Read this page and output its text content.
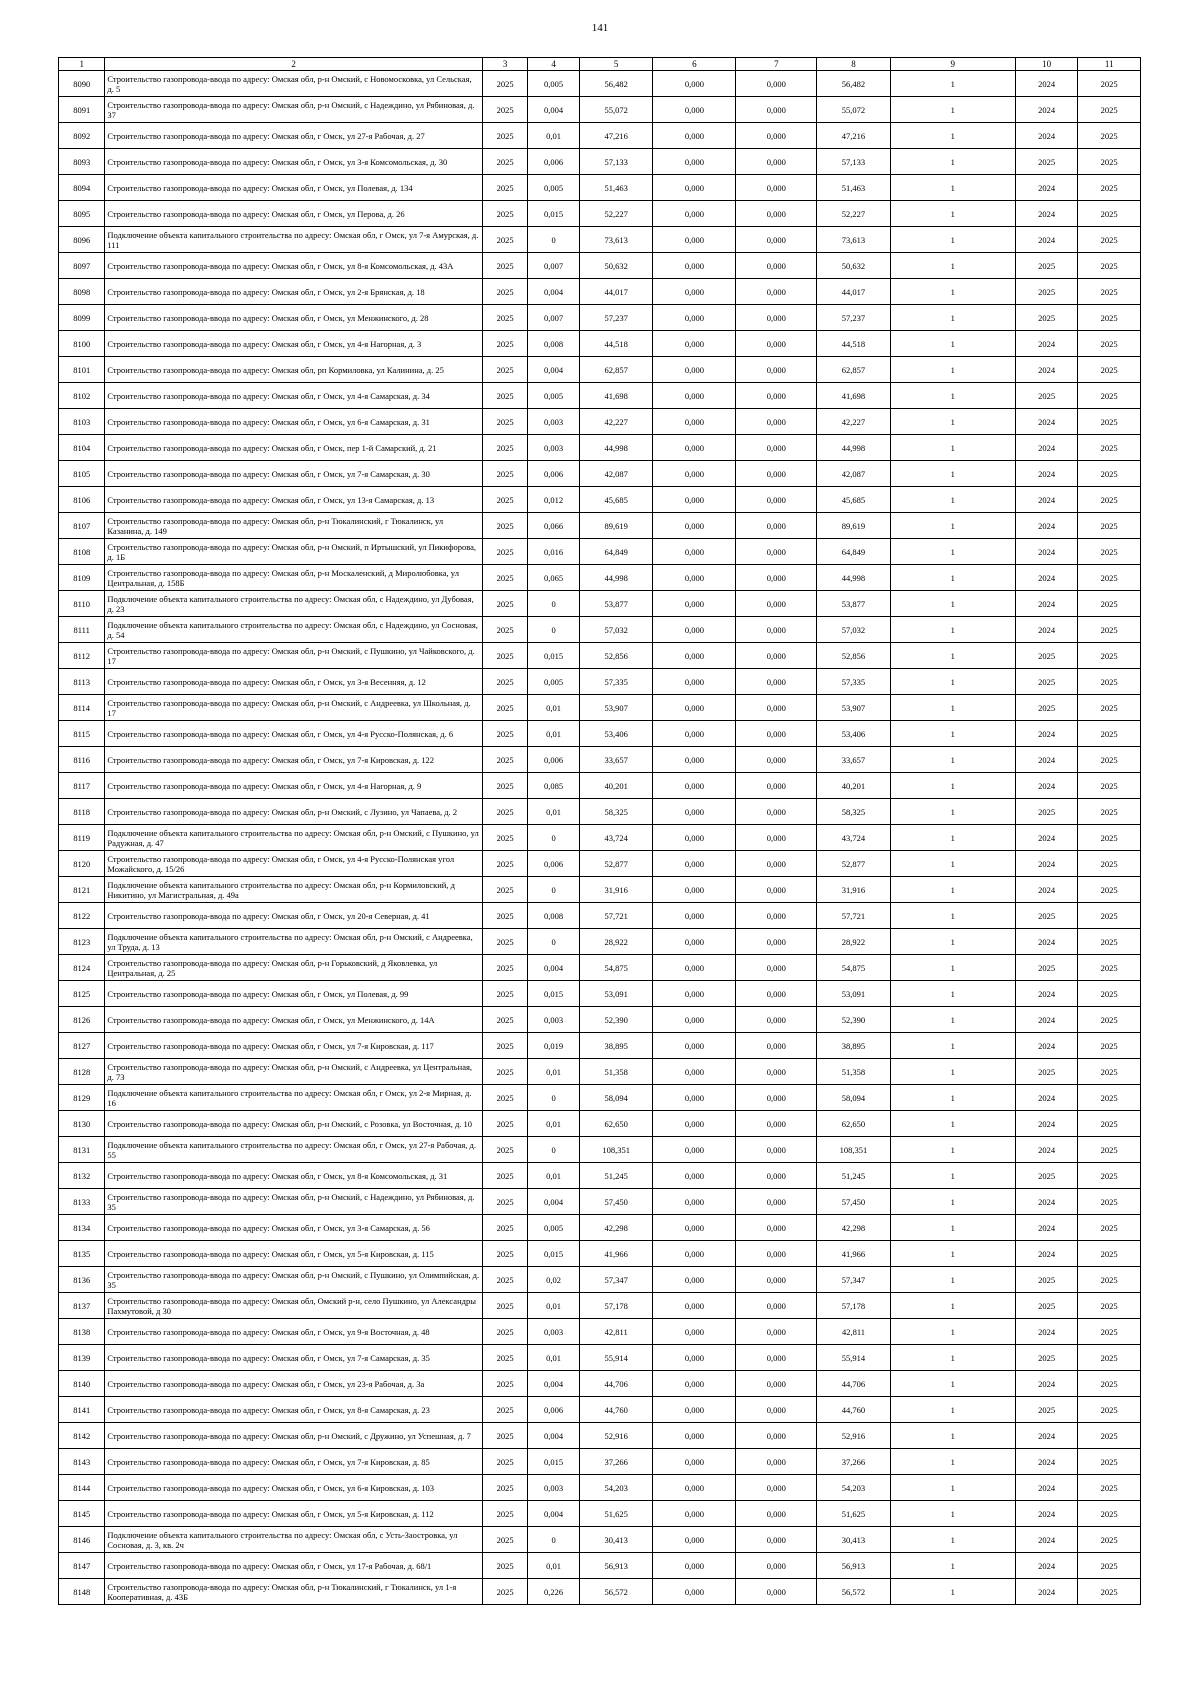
141
1	2	3	4	5	6	7	8	9	10	11
8090	Строительство газопровода-ввода по адресу: Омская обл, р-н Омский, с Новомосковка, ул Сельская, д. 5	2025	0,005	56,482	0,000	0,000	56,482	1	2024	2025
8091	Строительство газопровода-ввода по адресу: Омская обл, р-н Омский, с Надеждино, ул Рябиновая, д. 37	2025	0,004	55,072	0,000	0,000	55,072	1	2024	2025
8092	Строительство газопровода-ввода по адресу: Омская обл, г Омск, ул 27-я Рабочая, д. 27	2025	0,01	47,216	0,000	0,000	47,216	1	2024	2025
8093	Строительство газопровода-ввода по адресу: Омская обл, г Омск, ул 3-я Комсомольская, д. 30	2025	0,006	57,133	0,000	0,000	57,133	1	2025	2025
8094	Строительство газопровода-ввода по адресу: Омская обл, г Омск, ул Полевая, д. 134	2025	0,005	51,463	0,000	0,000	51,463	1	2024	2025
8095	Строительство газопровода-ввода по адресу: Омская обл, г Омск, ул Перова, д. 26	2025	0,015	52,227	0,000	0,000	52,227	1	2024	2025
8096	Подключение объекта капитального строительства по адресу: Омская обл, г Омск, ул 7-я Амурская, д. 111	2025	0	73,613	0,000	0,000	73,613	1	2024	2025
8097	Строительство газопровода-ввода по адресу: Омская обл, г Омск, ул 8-я Комсомольская, д. 43А	2025	0,007	50,632	0,000	0,000	50,632	1	2025	2025
8098	Строительство газопровода-ввода по адресу: Омская обл, г Омск, ул 2-я Брянская, д. 18	2025	0,004	44,017	0,000	0,000	44,017	1	2025	2025
8099	Строительство газопровода-ввода по адресу: Омская обл, г Омск, ул Менжинского, д. 28	2025	0,007	57,237	0,000	0,000	57,237	1	2025	2025
8100	Строительство газопровода-ввода по адресу: Омская обл, г Омск, ул 4-я Нагорная, д. 3	2025	0,008	44,518	0,000	0,000	44,518	1	2024	2025
8101	Строительство газопровода-ввода по адресу: Омская обл, рп Кормиловка, ул Калинина, д. 25	2025	0,004	62,857	0,000	0,000	62,857	1	2024	2025
8102	Строительство газопровода-ввода по адресу: Омская обл, г Омск, ул 4-я Самарская, д. 34	2025	0,005	41,698	0,000	0,000	41,698	1	2025	2025
8103	Строительство газопровода-ввода по адресу: Омская обл, г Омск, ул 6-я Самарская, д. 31	2025	0,003	42,227	0,000	0,000	42,227	1	2024	2025
8104	Строительство газопровода-ввода по адресу: Омская обл, г Омск, пер 1-й Самарский, д. 21	2025	0,003	44,998	0,000	0,000	44,998	1	2024	2025
8105	Строительство газопровода-ввода по адресу: Омская обл, г Омск, ул 7-я Самарская, д. 30	2025	0,006	42,087	0,000	0,000	42,087	1	2024	2025
8106	Строительство газопровода-ввода по адресу: Омская обл, г Омск, ул 13-я Самарская, д. 13	2025	0,012	45,685	0,000	0,000	45,685	1	2024	2025
8107	Строительство газопровода-ввода по адресу: Омская обл, р-н Тюкалинский, г Тюкалинск, ул Казанина, д. 149	2025	0,066	89,619	0,000	0,000	89,619	1	2024	2025
8108	Строительство газопровода-ввода по адресу: Омская обл, р-н Омский, п Иртышский, ул Пикифорова, д. 1Б	2025	0,016	64,849	0,000	0,000	64,849	1	2024	2025
8109	Строительство газопровода-ввода по адресу: Омская обл, р-н Москаленский, д Миролюбовка, ул Центральная, д. 158Б	2025	0,065	44,998	0,000	0,000	44,998	1	2024	2025
8110	Подключение объекта капитального строительства по адресу: Омская обл, с Надеждино, ул Дубовая, д. 23	2025	0	53,877	0,000	0,000	53,877	1	2024	2025
8111	Подключение объекта капитального строительства по адресу: Омская обл, с Надеждино, ул Сосновая, д. 54	2025	0	57,032	0,000	0,000	57,032	1	2024	2025
8112	Строительство газопровода-ввода по адресу: Омская обл, р-н Омский, с Пушкино, ул Чайковского, д. 17	2025	0,015	52,856	0,000	0,000	52,856	1	2025	2025
8113	Строительство газопровода-ввода по адресу: Омская обл, г Омск, ул 3-я Весенняя, д. 12	2025	0,005	57,335	0,000	0,000	57,335	1	2025	2025
8114	Строительство газопровода-ввода по адресу: Омская обл, р-н Омский, с Андреевка, ул Школьная, д. 17	2025	0,01	53,907	0,000	0,000	53,907	1	2025	2025
8115	Строительство газопровода-ввода по адресу: Омская обл, г Омск, ул 4-я Русско-Полянская, д. 6	2025	0,01	53,406	0,000	0,000	53,406	1	2024	2025
8116	Строительство газопровода-ввода по адресу: Омская обл, г Омск, ул 7-я Кировская, д. 122	2025	0,006	33,657	0,000	0,000	33,657	1	2024	2025
8117	Строительство газопровода-ввода по адресу: Омская обл, г Омск, ул 4-я Нагорная, д. 9	2025	0,085	40,201	0,000	0,000	40,201	1	2024	2025
8118	Строительство газопровода-ввода по адресу: Омская обл, р-н Омский, с Лузино, ул Чапаева, д. 2	2025	0,01	58,325	0,000	0,000	58,325	1	2025	2025
8119	Подключение объекта капитального строительства по адресу: Омская обл, р-н Омский, с Пушкино, ул Радужная, д. 47	2025	0	43,724	0,000	0,000	43,724	1	2024	2025
8120	Строительство газопровода-ввода по адресу: Омская обл, г Омск, ул 4-я Русско-Полянская угол Можайского, д. 15/26	2025	0,006	52,877	0,000	0,000	52,877	1	2024	2025
8121	Подключение объекта капитального строительства по адресу: Омская обл, р-н Кормиловский, д Никитино, ул Магистральная, д. 49а	2025	0	31,916	0,000	0,000	31,916	1	2024	2025
8122	Строительство газопровода-ввода по адресу: Омская обл, г Омск, ул 20-я Северная, д. 41	2025	0,008	57,721	0,000	0,000	57,721	1	2025	2025
8123	Подключение объекта капитального строительства по адресу: Омская обл, р-н Омский, с Андреевка, ул Труда, д. 13	2025	0	28,922	0,000	0,000	28,922	1	2024	2025
8124	Строительство газопровода-ввода по адресу: Омская обл, р-н Горьковский, д Яковлевка, ул Центральная, д. 25	2025	0,004	54,875	0,000	0,000	54,875	1	2025	2025
8125	Строительство газопровода-ввода по адресу: Омская обл, г Омск, ул Полевая, д. 99	2025	0,015	53,091	0,000	0,000	53,091	1	2024	2025
8126	Строительство газопровода-ввода по адресу: Омская обл, г Омск, ул Менжинского, д. 14А	2025	0,003	52,390	0,000	0,000	52,390	1	2024	2025
8127	Строительство газопровода-ввода по адресу: Омская обл, г Омск, ул 7-я Кировская, д. 117	2025	0,019	38,895	0,000	0,000	38,895	1	2024	2025
8128	Строительство газопровода-ввода по адресу: Омская обл, р-н Омский, с Андреевка, ул Центральная, д. 73	2025	0,01	51,358	0,000	0,000	51,358	1	2025	2025
8129	Подключение объекта капитального строительства по адресу: Омская обл, г Омск, ул 2-я Мирная, д. 16	2025	0	58,094	0,000	0,000	58,094	1	2024	2025
8130	Строительство газопровода-ввода по адресу: Омская обл, р-н Омский, с Розовка, ул Восточная, д. 10	2025	0,01	62,650	0,000	0,000	62,650	1	2024	2025
8131	Подключение объекта капитального строительства по адресу: Омская обл, г Омск, ул 27-я Рабочая, д. 55	2025	0	108,351	0,000	0,000	108,351	1	2024	2025
8132	Строительство газопровода-ввода по адресу: Омская обл, г Омск, ул 8-я Комсомольская, д. 31	2025	0,01	51,245	0,000	0,000	51,245	1	2025	2025
8133	Строительство газопровода-ввода по адресу: Омская обл, р-н Омский, с Надеждино, ул Рябиновая, д. 35	2025	0,004	57,450	0,000	0,000	57,450	1	2024	2025
8134	Строительство газопровода-ввода по адресу: Омская обл, г Омск, ул 3-я Самарская, д. 56	2025	0,005	42,298	0,000	0,000	42,298	1	2024	2025
8135	Строительство газопровода-ввода по адресу: Омская обл, г Омск, ул 5-я Кировская, д. 115	2025	0,015	41,966	0,000	0,000	41,966	1	2024	2025
8136	Строительство газопровода-ввода по адресу: Омская обл, р-н Омский, с Пушкино, ул Олимпийская, д. 35	2025	0,02	57,347	0,000	0,000	57,347	1	2025	2025
8137	Строительство газопровода-ввода по адресу: Омская обл, Омский р-н, село Пушкино, ул Александры Пахмутовой, д 30	2025	0,01	57,178	0,000	0,000	57,178	1	2025	2025
8138	Строительство газопровода-ввода по адресу: Омская обл, г Омск, ул 9-я Восточная, д. 48	2025	0,003	42,811	0,000	0,000	42,811	1	2024	2025
8139	Строительство газопровода-ввода по адресу: Омская обл, г Омск, ул 7-я Самарская, д. 35	2025	0,01	55,914	0,000	0,000	55,914	1	2025	2025
8140	Строительство газопровода-ввода по адресу: Омская обл, г Омск, ул 23-я Рабочая, д. 3а	2025	0,004	44,706	0,000	0,000	44,706	1	2024	2025
8141	Строительство газопровода-ввода по адресу: Омская обл, г Омск, ул 8-я Самарская, д. 23	2025	0,006	44,760	0,000	0,000	44,760	1	2025	2025
8142	Строительство газопровода-ввода по адресу: Омская обл, р-н Омский, с Дружино, ул Успешная, д. 7	2025	0,004	52,916	0,000	0,000	52,916	1	2024	2025
8143	Строительство газопровода-ввода по адресу: Омская обл, г Омск, ул 7-я Кировская, д. 85	2025	0,015	37,266	0,000	0,000	37,266	1	2024	2025
8144	Строительство газопровода-ввода по адресу: Омская обл, г Омск, ул 6-я Кировская, д. 103	2025	0,003	54,203	0,000	0,000	54,203	1	2024	2025
8145	Строительство газопровода-ввода по адресу: Омская обл, г Омск, ул 5-я Кировская, д. 112	2025	0,004	51,625	0,000	0,000	51,625	1	2024	2025
8146	Подключение объекта капитального строительства по адресу: Омская обл, с Усть-Заостровка, ул Сосновая, д. 3, кв. 2ч	2025	0	30,413	0,000	0,000	30,413	1	2024	2025
8147	Строительство газопровода-ввода по адресу: Омская обл, г Омск, ул 17-я Рабочая, д. 68/1	2025	0,01	56,913	0,000	0,000	56,913	1	2024	2025
8148	Строительство газопровода-ввода по адресу: Омская обл, р-н Тюкалинский, г Тюкалинск, ул 1-я Кооперативная, д. 43Б	2025	0,226	56,572	0,000	0,000	56,572	1	2024	2025
